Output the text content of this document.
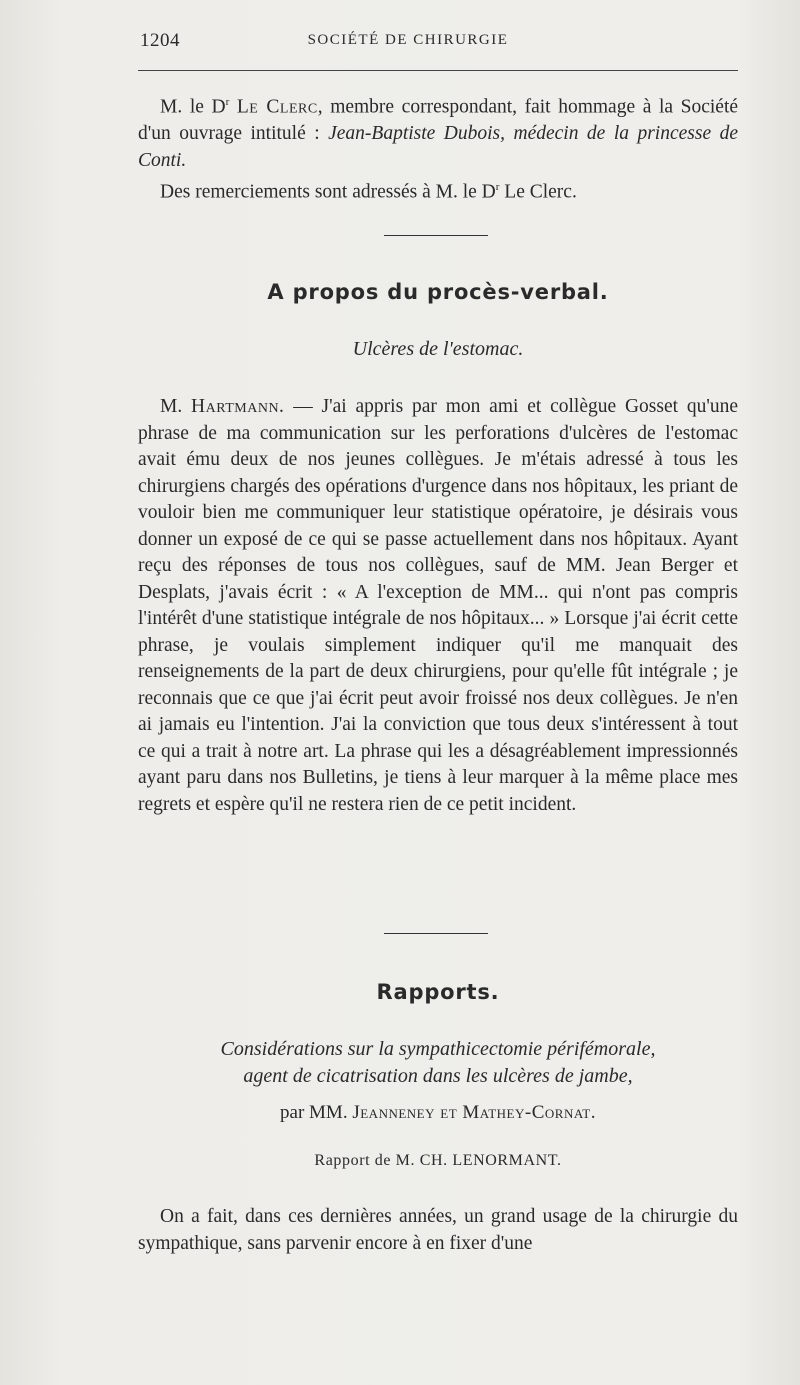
1204	SOCIÉTÉ DE CHIRURGIE

M. le $D^r$ Le Clerc, membre correspondant, fait hommage à la Société d'un ouvrage intitulé : Jean-Baptiste Dubois, médecin de la princesse de Conti.

Des remerciements sont adressés à M. le $D^r$ Le Clerc.

A propos du procès-verbal.
Ulcères de l'estomac.

M. Hartmann. — J'ai appris par mon ami et collègue Gosset qu'une phrase de ma communication sur les perforations d'ulcères de l'estomac avait ému deux de nos jeunes collègues. Je m'étais adressé à tous les chirurgiens chargés des opérations d'urgence dans nos hôpitaux, les priant de vouloir bien me communiquer leur statistique opératoire, je désirais vous donner un exposé de ce qui se passe actuellement dans nos hôpitaux. Ayant reçu des réponses de tous nos collègues, sauf de MM. Jean Berger et Desplats, j'avais écrit : « A l'exception de MM... qui n'ont pas compris l'intérêt d'une statistique intégrale de nos hôpitaux... » Lorsque j'ai écrit cette phrase, je voulais simplement indiquer qu'il me manquait des renseignements de la part de deux chirurgiens, pour qu'elle fût intégrale ; je reconnais que ce que j'ai écrit peut avoir froissé nos deux collègues. Je n'en ai jamais eu l'intention. J'ai la conviction que tous deux s'intéressent à tout ce qui a trait à notre art. La phrase qui les a désagréablement impressionnés ayant paru dans nos Bulletins, je tiens à leur marquer à la même place mes regrets et espère qu'il ne restera rien de ce petit incident.

Rapports.
Considérations sur la sympathicectomie périfémorale,
agent de cicatrisation dans les ulcères de jambe,
par MM. Jeanneney et Mathey-Cornat.
Rapport de M. CH. LENORMANT.

On a fait, dans ces dernières années, un grand usage de la chirurgie du sympathique, sans parvenir encore à en fixer d'une
